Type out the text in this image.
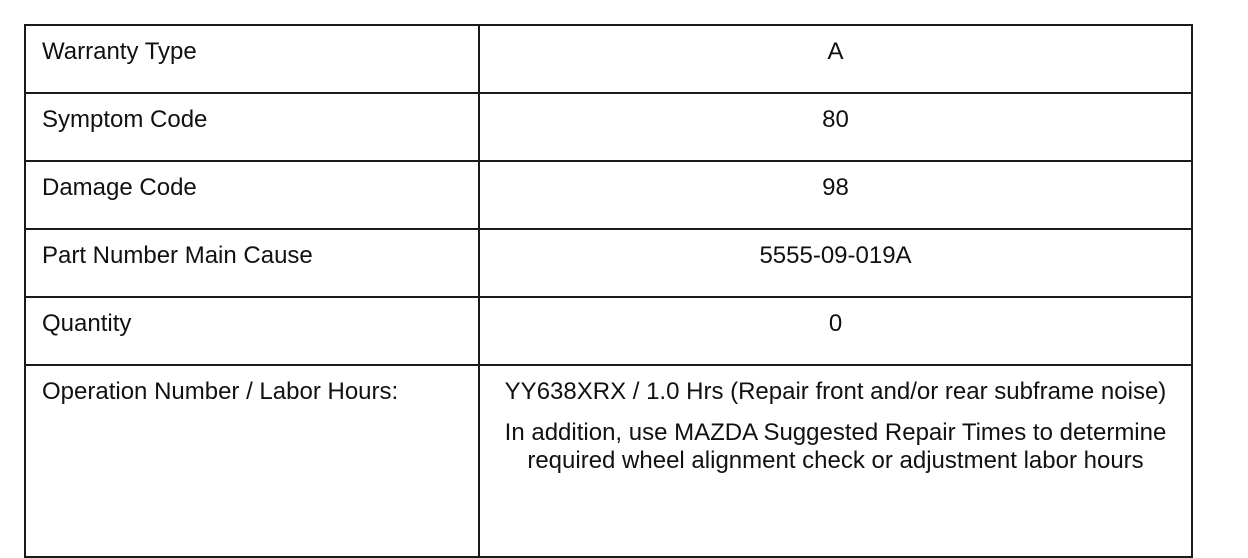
Warranty Type	A
Symptom Code	80
Damage Code	98
Part Number Main Cause	5555-09-019A
Quantity	0
Operation Number / Labor Hours:	YY638XRX / 1.0 Hrs (Repair front and/or rear subframe noise)

In addition, use MAZDA Suggested Repair Times to determine required wheel alignment check or adjustment labor hours
